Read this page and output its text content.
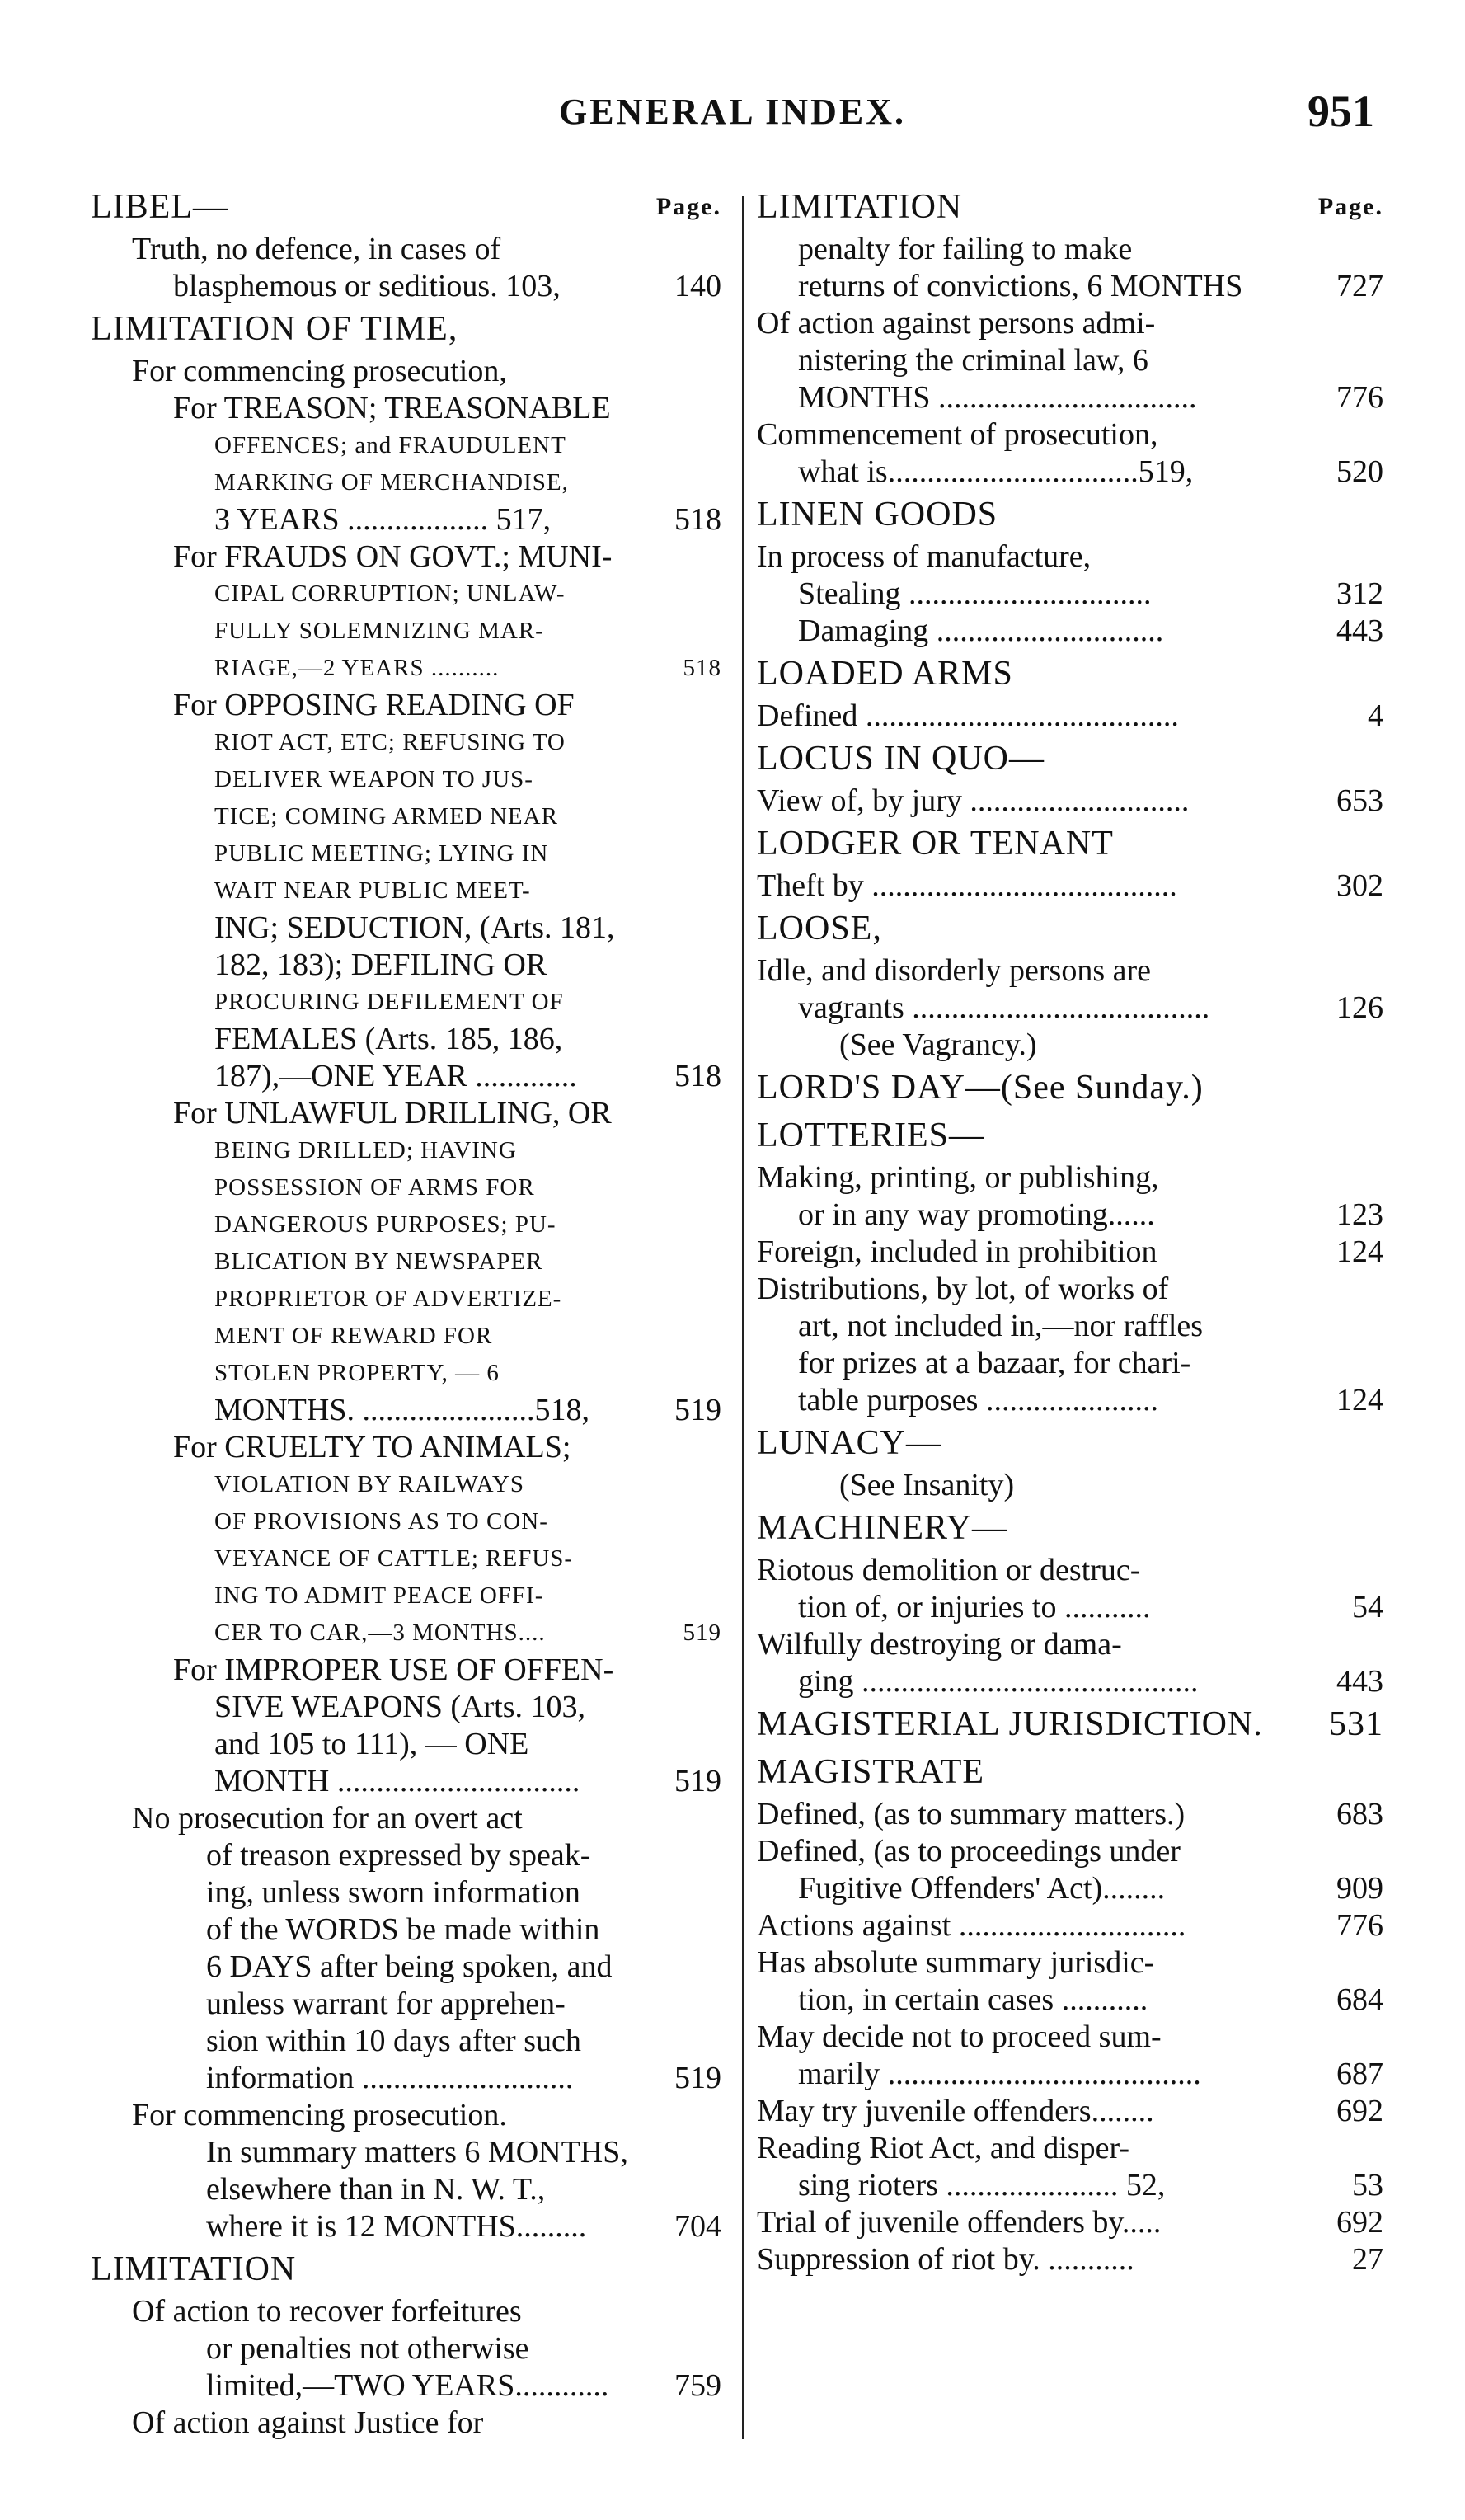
GENERAL INDEX.	951
LIBEL—	Page.
Truth, no defence, in cases of
blasphemous or seditious. 103,	140
LIMITATION OF TIME,
For commencing prosecution,
For TREASON; TREASONABLE
OFFENCES; and FRAUDULENT
MARKING OF MERCHANDISE,
3 YEARS .................. 517,	518
For FRAUDS ON GOVT.; MUNI-
CIPAL CORRUPTION; UNLAW-
FULLY SOLEMNIZING MAR-
RIAGE,—2 YEARS ..........	518
For OPPOSING READING OF
RIOT ACT, ETC; REFUSING TO
DELIVER WEAPON TO JUS-
TICE; COMING ARMED NEAR
PUBLIC MEETING; LYING IN
WAIT NEAR PUBLIC MEET-
ING; SEDUCTION, (Arts. 181,
182, 183); DEFILING OR
PROCURING DEFILEMENT OF
FEMALES (Arts. 185, 186,
187),—ONE YEAR .............	518
For UNLAWFUL DRILLING, OR
BEING DRILLED; HAVING
POSSESSION OF ARMS FOR
DANGEROUS PURPOSES; PU-
BLICATION BY NEWSPAPER
PROPRIETOR OF ADVERTIZE-
MENT OF REWARD FOR
STOLEN PROPERTY, — 6
MONTHS. ......................518,	519
For CRUELTY TO ANIMALS;
VIOLATION BY RAILWAYS
OF PROVISIONS AS TO CON-
VEYANCE OF CATTLE; REFUS-
ING TO ADMIT PEACE OFFI-
CER TO CAR,—3 MONTHS....	519
For IMPROPER USE OF OFFEN-
SIVE WEAPONS (Arts. 103,
and 105 to 111), — ONE
MONTH ...............................	519
No prosecution for an overt act
of treason expressed by speak-
ing, unless sworn information
of the WORDS be made within
6 DAYS after being spoken, and
unless warrant for apprehen-
sion within 10 days after such
information ...........................	519
For commencing prosecution.
In summary matters 6 MONTHS,
elsewhere than in N. W. T.,
where it is 12 MONTHS.........	704
LIMITATION
Of action to recover forfeitures
or penalties not otherwise
limited,—TWO YEARS............ 759
Of action against Justice for
LIMITATION	Page.
penalty for failing to make
returns of convictions, 6 MONTHS	727
Of action against persons admi-
nistering the criminal law, 6
MONTHS .................................	776
Commencement of prosecution,
what is................................519,	520
LINEN GOODS
In process of manufacture,
Stealing ...............................	312
Damaging .............................	443
LOADED ARMS
Defined ........................................	4
LOCUS IN QUO—
View of, by jury ............................	653
LODGER OR TENANT
Theft by .......................................	302
LOOSE,
Idle, and disorderly persons are
vagrants ......................................	126
(See Vagrancy.)
LORD'S DAY—(See Sunday.)
LOTTERIES—
Making, printing, or publishing,
or in any way promoting......	123
Foreign, included in prohibition	124
Distributions, by lot, of works of
art, not included in,—nor raffles
for prizes at a bazaar, for chari-
table purposes ......................	124
LUNACY—
(See Insanity)
MACHINERY—
Riotous demolition or destruc-
tion of, or injuries to ...........	54
Wilfully destroying or dama-
ging ...........................................	443
MAGISTERIAL JURISDICTION. 531
MAGISTRATE
Defined, (as to summary matters.)	683
Defined, (as to proceedings under
Fugitive Offenders' Act)........	909
Actions against .............................	776
Has absolute summary jurisdic-
tion, in certain cases ...........	684
May decide not to proceed sum-
marily ........................................	687
May try juvenile offenders........	692
Reading Riot Act, and disper-
sing rioters ...................... 52,	53
Trial of juvenile offenders by.....	692
Suppression of riot by. ...........	27
